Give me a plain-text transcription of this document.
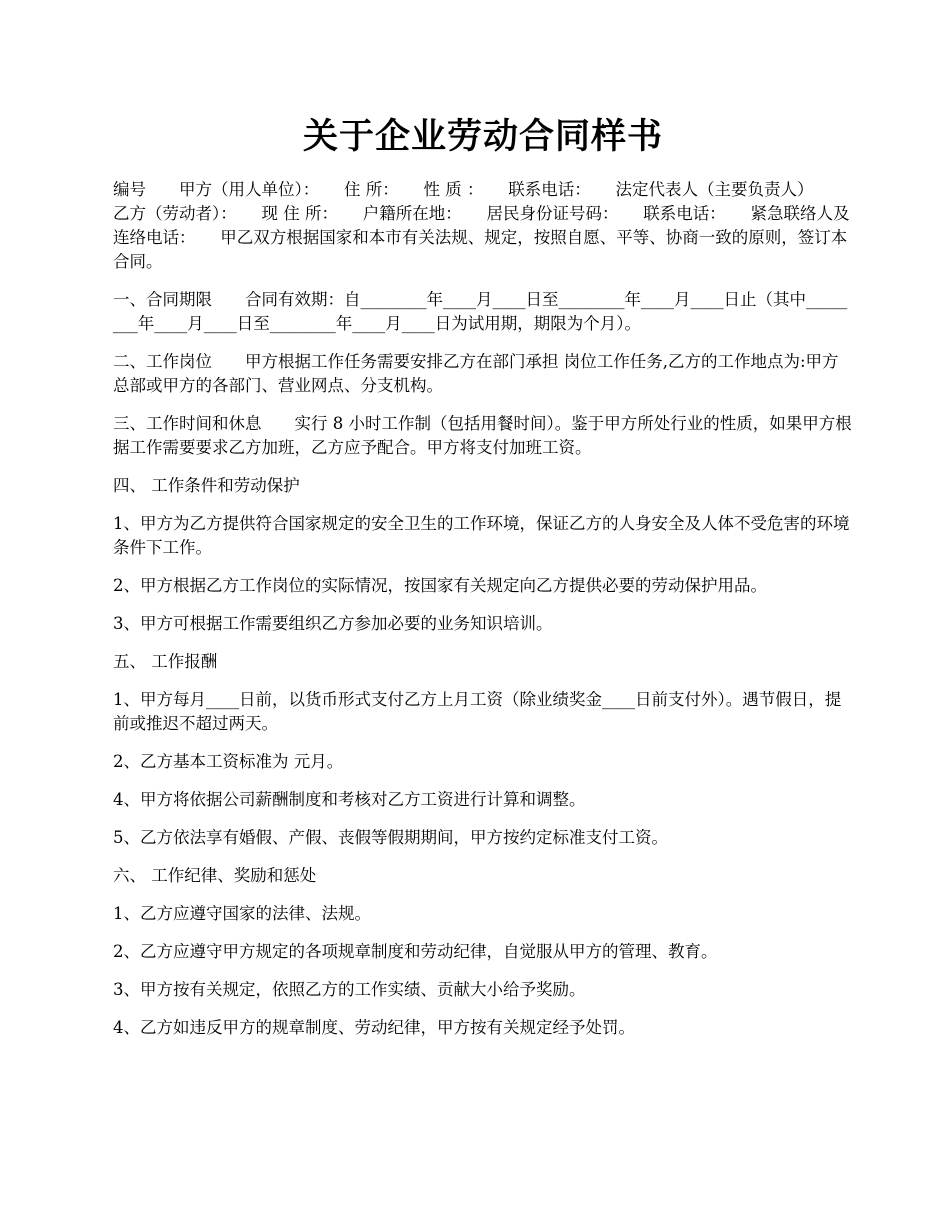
关于企业劳动合同样书

编号　　甲方（用人单位）：　　住 所：　　性 质 ：　　联系电话：　　法定代表人（主要负责人）　　乙方（劳动者）：　　现 住 所：　　户籍所在地：　　居民身份证号码：　　联系电话：　　紧急联络人及连络电话：　　甲乙双方根据国家和本市有关法规、规定，按照自愿、平等、协商一致的原则，签订本合同。

一、合同期限　　合同有效期：自________年____月____日至________年____月____日止（其中________年____月____日至________年____月____日为试用期，期限为个月）。

二、工作岗位　　甲方根据工作任务需要安排乙方在部门承担 岗位工作任务,乙方的工作地点为:甲方总部或甲方的各部门、营业网点、分支机构。

三、工作时间和休息　　实行 8 小时工作制（包括用餐时间）。鉴于甲方所处行业的性质，如果甲方根据工作需要要求乙方加班，乙方应予配合。甲方将支付加班工资。

四、 工作条件和劳动保护

1、甲方为乙方提供符合国家规定的安全卫生的工作环境，保证乙方的人身安全及人体不受危害的环境条件下工作。

2、甲方根据乙方工作岗位的实际情况，按国家有关规定向乙方提供必要的劳动保护用品。

3、甲方可根据工作需要组织乙方参加必要的业务知识培训。

五、 工作报酬

1、甲方每月____日前，以货币形式支付乙方上月工资（除业绩奖金____日前支付外）。遇节假日，提前或推迟不超过两天。

2、乙方基本工资标准为 元月。

4、甲方将依据公司薪酬制度和考核对乙方工资进行计算和调整。

5、乙方依法享有婚假、产假、丧假等假期期间，甲方按约定标准支付工资。

六、 工作纪律、奖励和惩处

1、乙方应遵守国家的法律、法规。

2、乙方应遵守甲方规定的各项规章制度和劳动纪律，自觉服从甲方的管理、教育。

3、甲方按有关规定，依照乙方的工作实绩、贡献大小给予奖励。

4、乙方如违反甲方的规章制度、劳动纪律，甲方按有关规定经予处罚。
